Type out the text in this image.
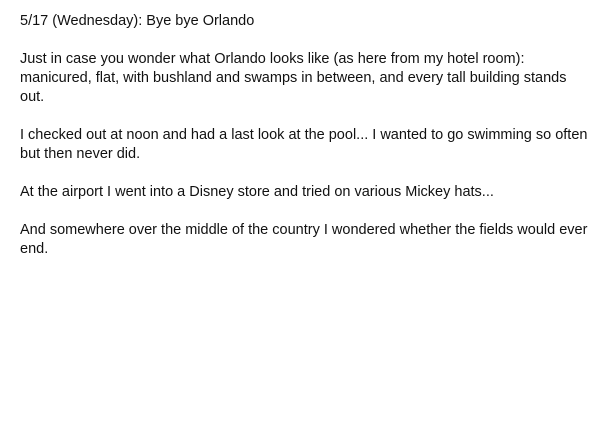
5/17 (Wednesday): Bye bye Orlando

Just in case you wonder what Orlando looks like (as here from my hotel room): manicured, flat, with bushland and swamps in between, and every tall building stands out.

I checked out at noon and had a last look at the pool... I wanted to go swimming so often but then never did.

At the airport I went into a Disney store and tried on various Mickey hats...

And somewhere over the middle of the country I wondered whether the fields would ever end.
